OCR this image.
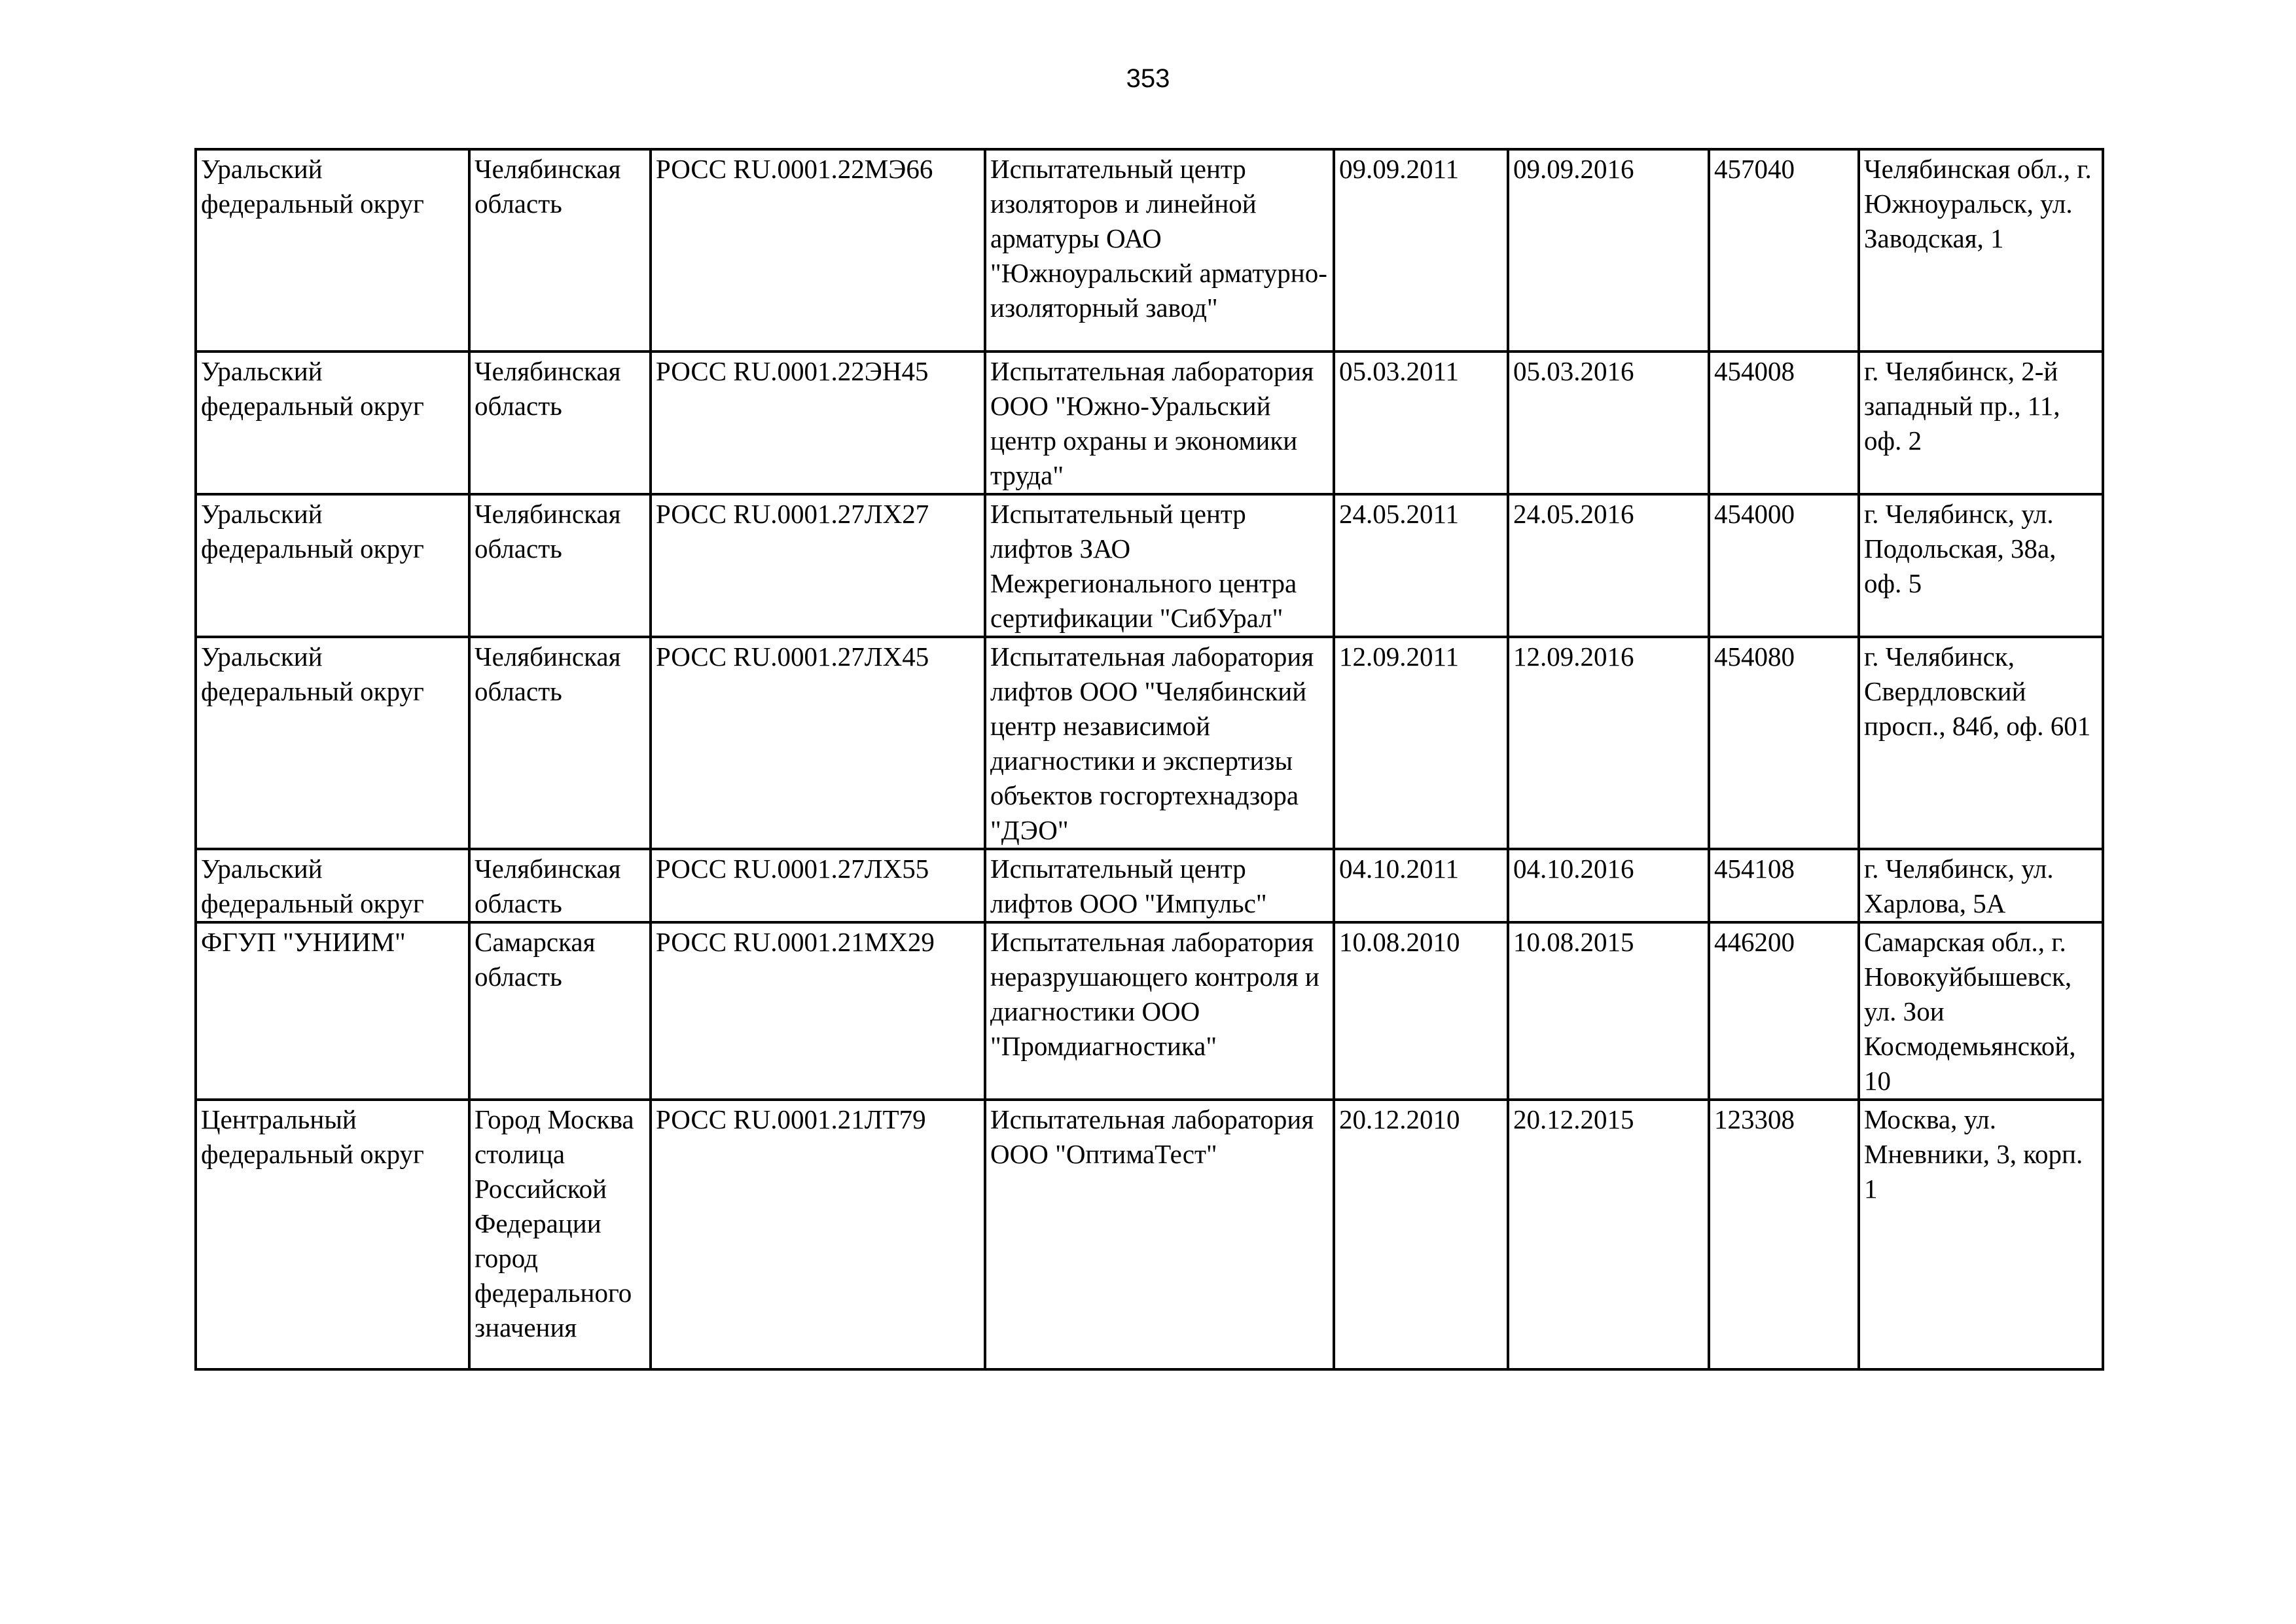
353
Уральский федеральный округ	Челябинская область	РОСС RU.0001.22МЭ66	Испытательный центр изоляторов и линейной арматуры ОАО "Южноуральский арматурно-изоляторный завод"	09.09.2011	09.09.2016	457040	Челябинская обл., г. Южноуральск, ул. Заводская, 1
Уральский федеральный округ	Челябинская область	РОСС RU.0001.22ЭН45	Испытательная лаборатория ООО "Южно-Уральский центр охраны и экономики труда"	05.03.2011	05.03.2016	454008	г. Челябинск, 2-й западный пр., 11, оф. 2
Уральский федеральный округ	Челябинская область	РОСС RU.0001.27ЛХ27	Испытательный центр лифтов ЗАО Межрегионального центра сертификации "СибУрал"	24.05.2011	24.05.2016	454000	г. Челябинск, ул. Подольская, 38а, оф. 5
Уральский федеральный округ	Челябинская область	РОСС RU.0001.27ЛХ45	Испытательная лаборатория лифтов ООО "Челябинский центр независимой диагностики и экспертизы объектов госгортехнадзора "ДЭО"	12.09.2011	12.09.2016	454080	г. Челябинск, Свердловский просп., 84б, оф. 601
Уральский федеральный округ	Челябинская область	РОСС RU.0001.27ЛХ55	Испытательный центр лифтов ООО "Импульс"	04.10.2011	04.10.2016	454108	г. Челябинск, ул. Харлова, 5А
ФГУП "УНИИМ"	Самарская область	РОСС RU.0001.21МХ29	Испытательная лаборатория неразрушающего контроля и диагностики ООО "Промдиагностика"	10.08.2010	10.08.2015	446200	Самарская обл., г. Новокуйбышевск, ул. Зои Космодемьянской, 10
Центральный федеральный округ	Город Москва столица Российской Федерации город федерального значения	РОСС RU.0001.21ЛТ79	Испытательная лаборатория ООО "ОптимаТест"	20.12.2010	20.12.2015	123308	Москва, ул. Мневники, 3, корп. 1
